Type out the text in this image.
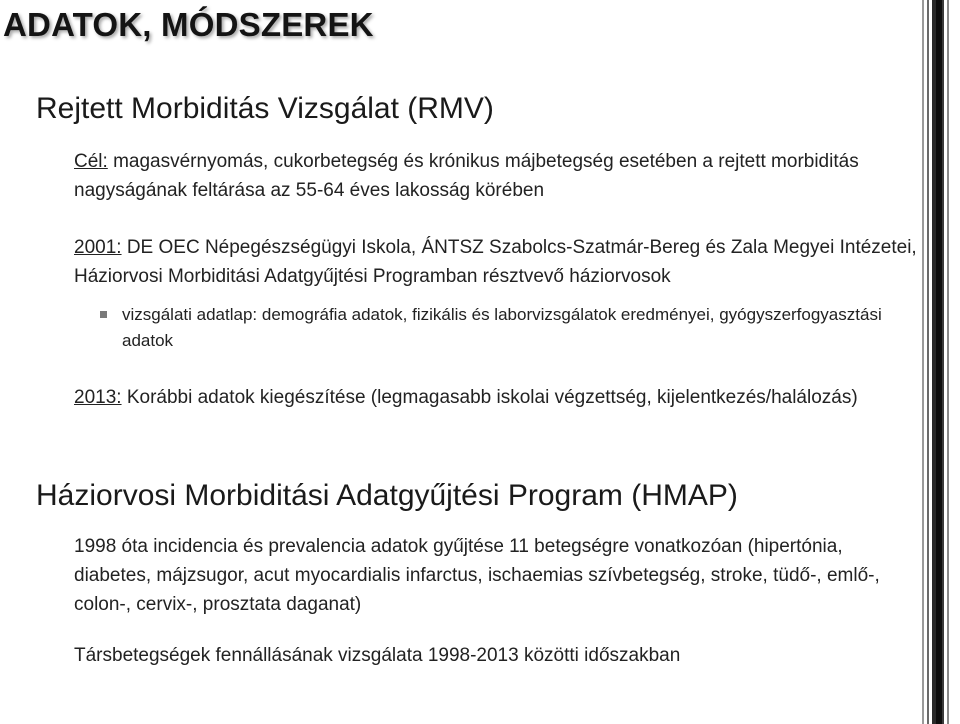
ADATOK, MÓDSZEREK
Rejtett Morbiditás Vizsgálat (RMV)
Cél: magasvérnyomás, cukorbetegség és krónikus májbetegség esetében a rejtett morbiditás nagyságának feltárása az 55-64 éves lakosság körében
2001: DE OEC Népegészségügyi Iskola, ÁNTSZ Szabolcs-Szatmár-Bereg és Zala Megyei Intézetei, Háziorvosi Morbiditási Adatgyűjtési Programban résztvevő háziorvosok
vizsgálati adatlap: demográfia adatok, fizikális és laborvizsgálatok eredményei, gyógyszerfogyasztási adatok
2013: Korábbi adatok kiegészítése (legmagasabb iskolai végzettség, kijelentkezés/halálozás)
Háziorvosi Morbiditási Adatgyűjtési Program (HMAP)
1998 óta incidencia és prevalencia adatok gyűjtése 11 betegségre vonatkozóan (hipertónia, diabetes, májzsugor, acut myocardialis infarctus, ischaemias szívbetegség, stroke, tüdő-, emlő-, colon-, cervix-, prosztata daganat)
Társbetegségek fennállásának vizsgálata 1998-2013 közötti időszakban
